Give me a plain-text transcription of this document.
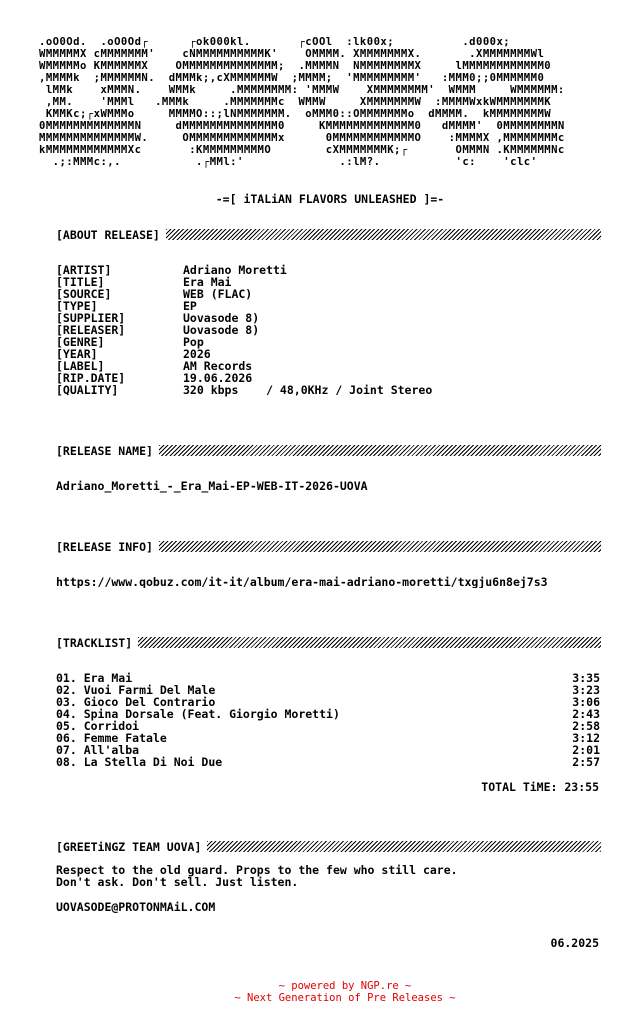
.oO0Od.  .oO0Od┌      ┌ok000kl.       ┌cOOl  :lk00x;          .d000x;
WMMMMMX cMMMMMMM'    cNMMMMMMMMMMK'    OMMMM. XMMMMMMMX.       .XMMMMMMMWl
WMMMMMo KMMMMMMX    OMMMMMMMMMMMMMM;  .MMMMN  NMMMMMMMMX     lMMMMMMMMMMMM0
,MMMMk  ;MMMMMMN.  dMMMk;,cXMMMMMMW  ;MMMM;  'MMMMMMMMM'   :MMM0;;0MMMMMM0
lMMk    xMMMN.    WMMk     .MMMMMMMM: 'MMMW    XMMMMMMMM'  WMMM     WMMMMMM:
,MM.    'MMMl   .MMMk     .MMMMMMMc  WMMW     XMMMMMMMW  :MMMMWxkWMMMMMMMK
KMMKc;┌xWMMMo     MMMMO::;lNMMMMMMM.  oMMM0::OMMMMMMMo  dMMMM.  kMMMMMMMMW
0MMMMMMMMMMMMMN     dMMMMMMMMMMMMMM0     KMMMMMMMMMMMMM0   dMMMM'  0MMMMMMMMN
MMMMMMMMMMMMMMW.     OMMMMMMMMMMMMMx      0MMMMMMMMMMMMO    :MMMMX ,MMMMMMMMc
kMMMMMMMMMMMMXc       :KMMMMMMMMMO        cXMMMMMMMK;┌       OMMMN .KMMMMMMNc
.;:MMMc:,.           .┌MMl:'              .:lM?.           'c:    'clc'
-=[ iTALiAN FLAVORS UNLEASHED ]=-
[ABOUT RELEASE]
[ARTIST]	Adriano Moretti
[TITLE]	Era Mai
[SOURCE]	WEB (FLAC)
[TYPE]	EP
[SUPPLIER]	Uovasode 8)
[RELEASER]	Uovasode 8)
[GENRE]	Pop
[YEAR]	2026
[LABEL]	AM Records
[RIP.DATE]	19.06.2026
[QUALITY]	320 kbps    / 48,0KHz / Joint Stereo
[RELEASE NAME]
Adriano_Moretti_-_Era_Mai-EP-WEB-IT-2026-UOVA
[RELEASE INFO]
https://www.qobuz.com/it-it/album/era-mai-adriano-moretti/txgju6n8ej7s3
[TRACKLIST]
01. Era Mai	3:35
02. Vuoi Farmi Del Male	3:23
03. Gioco Del Contrario	3:06
04. Spina Dorsale (Feat. Giorgio Moretti)	2:43
05. Corridoi	2:58
06. Femme Fatale	3:12
07. All'alba	2:01
08. La Stella Di Noi Due	2:57
TOTAL TiME: 23:55
[GREETiNGZ TEAM UOVA]
Respect to the old guard. Props to the few who still care.
Don't ask. Don't sell. Just listen.
UOVASODE@PROTONMAiL.COM
06.2025
~ powered by NGP.re ~
~ Next Generation of Pre Releases ~
